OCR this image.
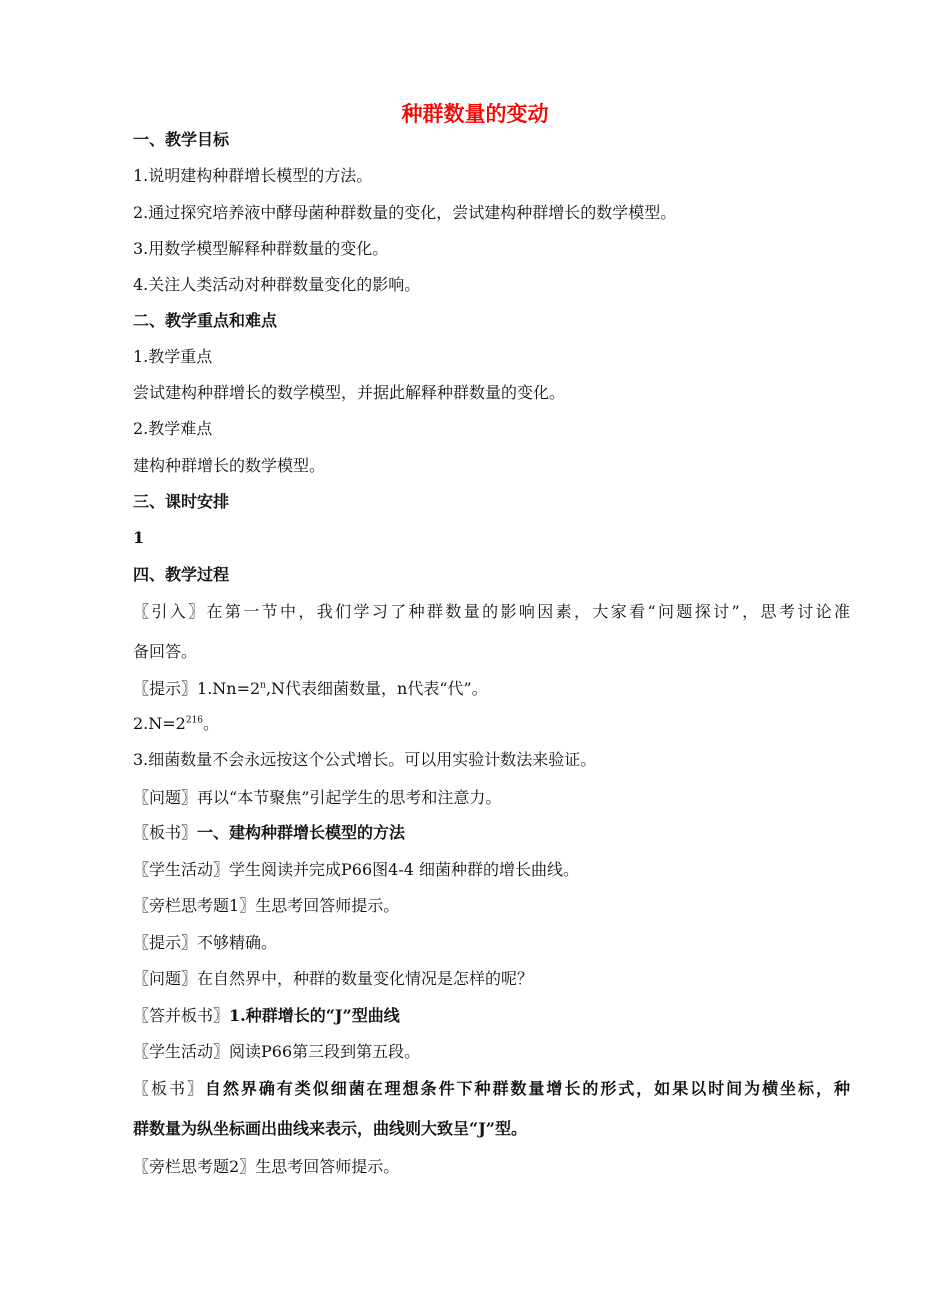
种群数量的变动
一、教学目标
1.说明建构种群增长模型的方法。
2.通过探究培养液中酵母菌种群数量的变化，尝试建构种群增长的数学模型。
3.用数学模型解释种群数量的变化。
4.关注人类活动对种群数量变化的影响。
二、教学重点和难点
1.教学重点
尝试建构种群增长的数学模型，并据此解释种群数量的变化。
2.教学难点
建构种群增长的数学模型。
三、课时安排
1
四、教学过程
〖引入〗在第一节中，我们学习了种群数量的影响因素，大家看“问题探讨”，思考讨论准
备回答。
〖提示〗$1.Nn=2^n,N$代表细菌数量，n代表“代”。
$2.N=2^{216}$。
3.细菌数量不会永远按这个公式增长。可以用实验计数法来验证。
〖问题〗再以“本节聚焦”引起学生的思考和注意力。
〖板书〗一、建构种群增长模型的方法
〖学生活动〗学生阅读并完成P66图4-4 细菌种群的增长曲线。
〖旁栏思考题1〗生思考回答师提示。
〖提示〗不够精确。
〖问题〗在自然界中，种群的数量变化情况是怎样的呢？
〖答并板书〗1.种群增长的“J”型曲线
〖学生活动〗阅读P66第三段到第五段。
〖板书〗自然界确有类似细菌在理想条件下种群数量增长的形式，如果以时间为横坐标，种
群数量为纵坐标画出曲线来表示，曲线则大致呈“J”型。
〖旁栏思考题2〗生思考回答师提示。
